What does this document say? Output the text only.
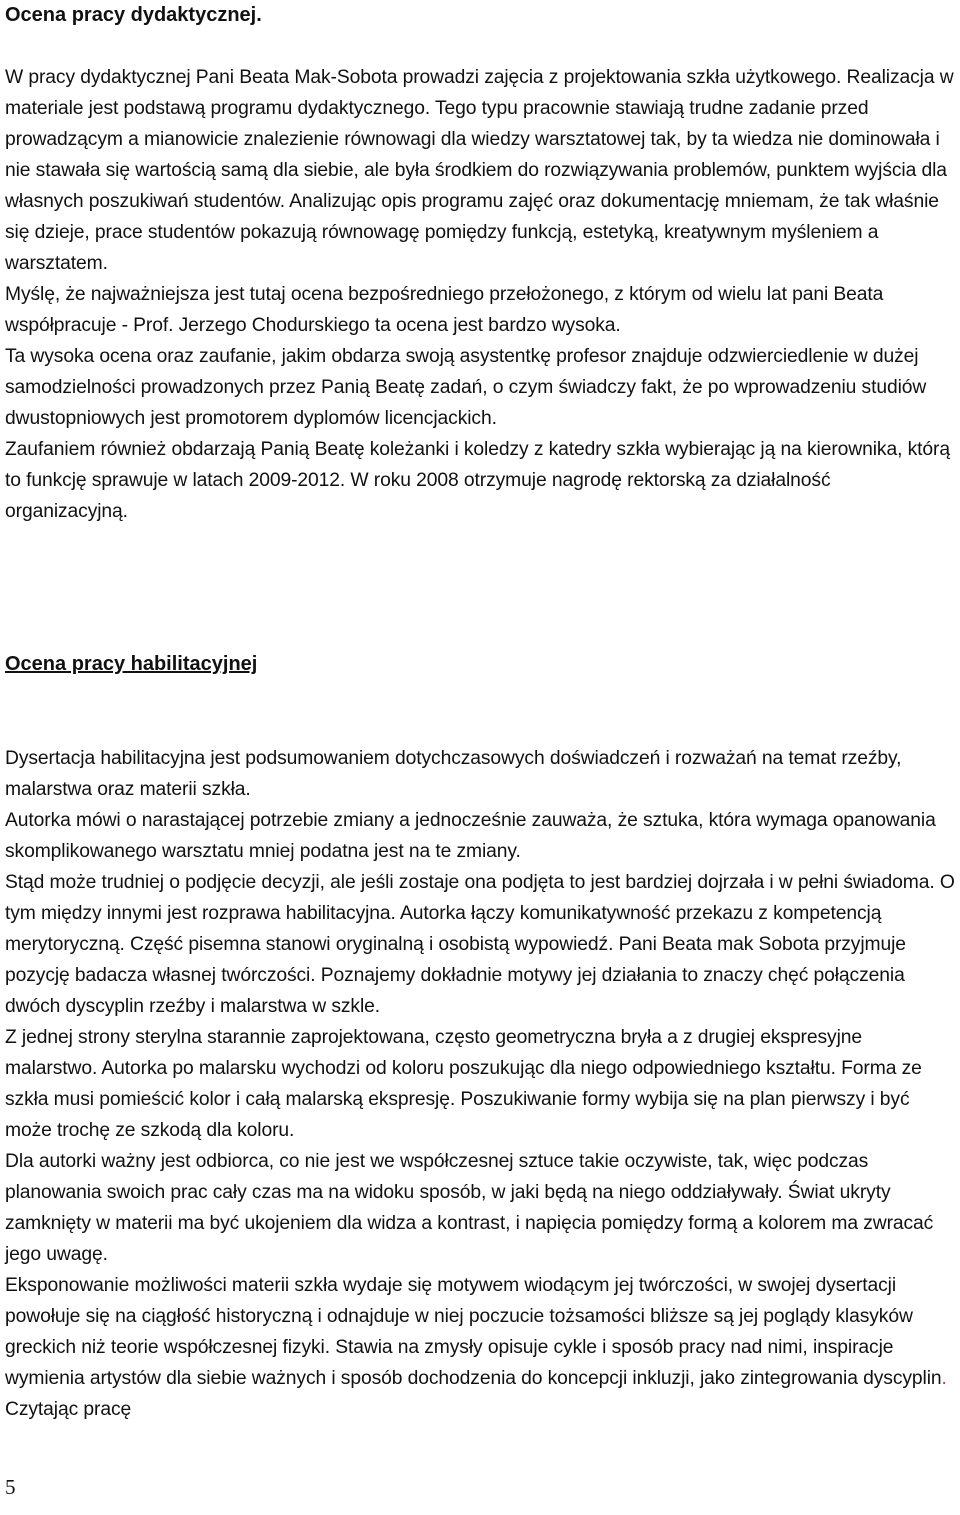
Ocena pracy dydaktycznej.

W pracy dydaktycznej Pani Beata Mak-Sobota prowadzi zajęcia z projektowania szkła użytkowego. Realizacja w materiale jest podstawą programu dydaktycznego. Tego typu pracownie stawiają trudne zadanie przed prowadzącym a mianowicie znalezienie równowagi dla wiedzy warsztatowej tak, by ta wiedza nie dominowała i nie stawała się wartością samą dla siebie, ale była środkiem do rozwiązywania problemów, punktem wyjścia dla własnych poszukiwań studentów. Analizując opis programu zajęć oraz dokumentację mniemam, że tak właśnie się dzieje, prace studentów pokazują równowagę pomiędzy funkcją, estetyką, kreatywnym myśleniem a warsztatem.

Myślę, że najważniejsza jest tutaj ocena bezpośredniego przełożonego, z którym od wielu lat pani Beata współpracuje - Prof. Jerzego Chodurskiego ta ocena jest bardzo wysoka.

Ta wysoka ocena oraz zaufanie, jakim obdarza swoją asystentkę profesor znajduje odzwierciedlenie w dużej samodzielności prowadzonych przez Panią Beatę zadań, o czym świadczy fakt, że po wprowadzeniu studiów dwustopniowych jest promotorem dyplomów licencjackich.

Zaufaniem również obdarzają Panią Beatę koleżanki i koledzy z katedry szkła wybierając ją na kierownika, którą to funkcję sprawuje w latach 2009-2012. W roku 2008 otrzymuje nagrodę rektorską za działalność organizacyjną.

Ocena pracy habilitacyjnej

Dysertacja habilitacyjna jest podsumowaniem dotychczasowych doświadczeń i rozważań na temat rzeźby, malarstwa oraz materii szkła.

Autorka mówi o narastającej potrzebie zmiany a jednocześnie zauważa, że sztuka, która wymaga opanowania skomplikowanego warsztatu mniej podatna jest na te zmiany.

Stąd może trudniej o podjęcie decyzji, ale jeśli zostaje ona podjęta to jest bardziej dojrzała i w pełni świadoma. O tym między innymi jest rozprawa habilitacyjna. Autorka łączy komunikatywność przekazu z kompetencją merytoryczną. Część pisemna stanowi oryginalną i osobistą wypowiedź. Pani Beata mak Sobota przyjmuje pozycję badacza własnej twórczości. Poznajemy dokładnie motywy jej działania to znaczy chęć połączenia dwóch dyscyplin rzeźby i malarstwa w szkle.

Z jednej strony sterylna starannie zaprojektowana, często geometryczna bryła a z drugiej ekspresyjne malarstwo. Autorka po malarsku wychodzi od koloru poszukując dla niego odpowiedniego kształtu. Forma ze szkła musi pomieścić kolor i całą malarską ekspresję. Poszukiwanie formy wybija się na plan pierwszy i być może trochę ze szkodą dla koloru.

Dla autorki ważny jest odbiorca, co nie jest we współczesnej sztuce takie oczywiste, tak, więc podczas planowania swoich prac cały czas ma na widoku sposób, w jaki będą na niego oddziaływały. Świat ukryty zamknięty w materii ma być ukojeniem dla widza a kontrast, i napięcia pomiędzy formą a kolorem ma zwracać jego uwagę.

Eksponowanie możliwości materii szkła wydaje się motywem wiodącym jej twórczości, w swojej dysertacji powołuje się na ciągłość historyczną i odnajduje w niej poczucie tożsamości bliższe są jej poglądy klasyków greckich niż teorie współczesnej fizyki. Stawia na zmysły opisuje cykle i sposób pracy nad nimi, inspiracje wymienia artystów dla siebie ważnych i sposób dochodzenia do koncepcji inkluzji, jako zintegrowania dyscyplin. Czytając pracę

5
